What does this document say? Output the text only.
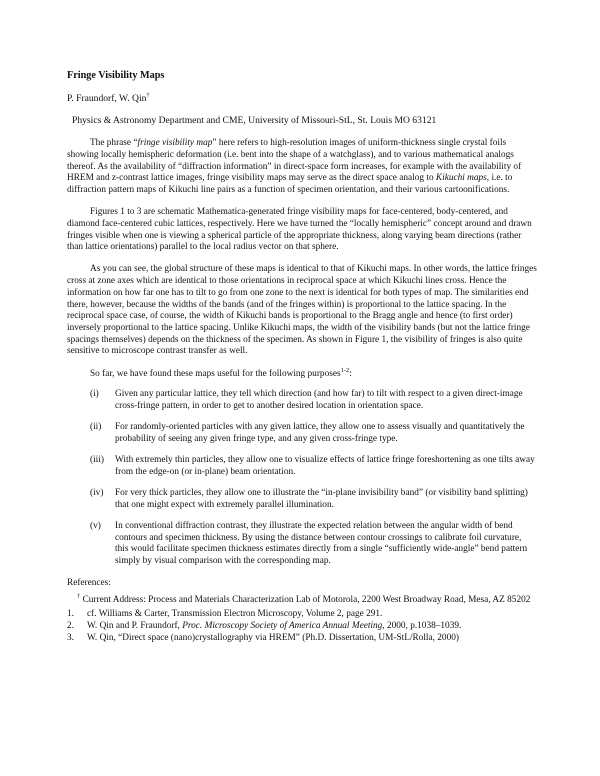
Fringe Visibility Maps
P. Fraundorf, W. Qin†
Physics & Astronomy Department and CME, University of Missouri-StL, St. Louis MO 63121

The phrase “fringe visibility map” here refers to high-resolution images of uniform-thickness single crystal foils showing locally hemispheric deformation (i.e. bent into the shape of a watchglass), and to various mathematical analogs thereof. As the availability of “diffraction information” in direct-space form increases, for example with the availability of HREM and z-contrast lattice images, fringe visibility maps may serve as the direct space analog to Kikuchi maps, i.e. to diffraction pattern maps of Kikuchi line pairs as a function of specimen orientation, and their various cartoonifications.

Figures 1 to 3 are schematic Mathematica-generated fringe visibility maps for face-centered, body-centered, and diamond face-centered cubic lattices, respectively. Here we have turned the “locally hemispheric” concept around and drawn fringes visible when one is viewing a spherical particle of the appropriate thickness, along varying beam directions (rather than lattice orientations) parallel to the local radius vector on that sphere.

As you can see, the global structure of these maps is identical to that of Kikuchi maps. In other words, the lattice fringes cross at zone axes which are identical to those orientations in reciprocal space at which Kikuchi lines cross. Hence the information on how far one has to tilt to go from one zone to the next is identical for both types of map. The similarities end there, however, because the widths of the bands (and of the fringes within) is proportional to the lattice spacing. In the reciprocal space case, of course, the width of Kikuchi bands is proportional to the Bragg angle and hence (to first order) inversely proportional to the lattice spacing. Unlike Kikuchi maps, the width of the visibility bands (but not the lattice fringe spacings themselves) depends on the thickness of the specimen. As shown in Figure 1, the visibility of fringes is also quite sensitive to microscope contrast transfer as well.

So far, we have found these maps useful for the following purposes$^{1-2}$:

(i) Given any particular lattice, they tell which direction (and how far) to tilt with respect to a given direct-image cross-fringe pattern, in order to get to another desired location in orientation space.
(ii) For randomly-oriented particles with any given lattice, they allow one to assess visually and quantitatively the probability of seeing any given fringe type, and any given cross-fringe type.
(iii) With extremely thin particles, they allow one to visualize effects of lattice fringe foreshortening as one tilts away from the edge-on (or in-plane) beam orientation.
(iv) For very thick particles, they allow one to illustrate the “in-plane invisibility band” (or visibility band splitting) that one might expect with extremely parallel illumination.
(v) In conventional diffraction contrast, they illustrate the expected relation between the angular width of bend contours and specimen thickness. By using the distance between contour crossings to calibrate foil curvature, this would facilitate specimen thickness estimates directly from a single “sufficiently wide-angle” bend pattern simply by visual comparison with the corresponding map.
References:
† Current Address: Process and Materials Characterization Lab of Motorola, 2200 West Broadway Road, Mesa, AZ 85202
1. cf. Williams & Carter, Transmission Electron Microscopy, Volume 2, page 291.
2. W. Qin and P. Fraundorf, Proc. Microscopy Society of America Annual Meeting, 2000, p.1038–1039.
3. W. Qin, “Direct space (nano)crystallography via HREM” (Ph.D. Dissertation, UM-StL/Rolla, 2000)
